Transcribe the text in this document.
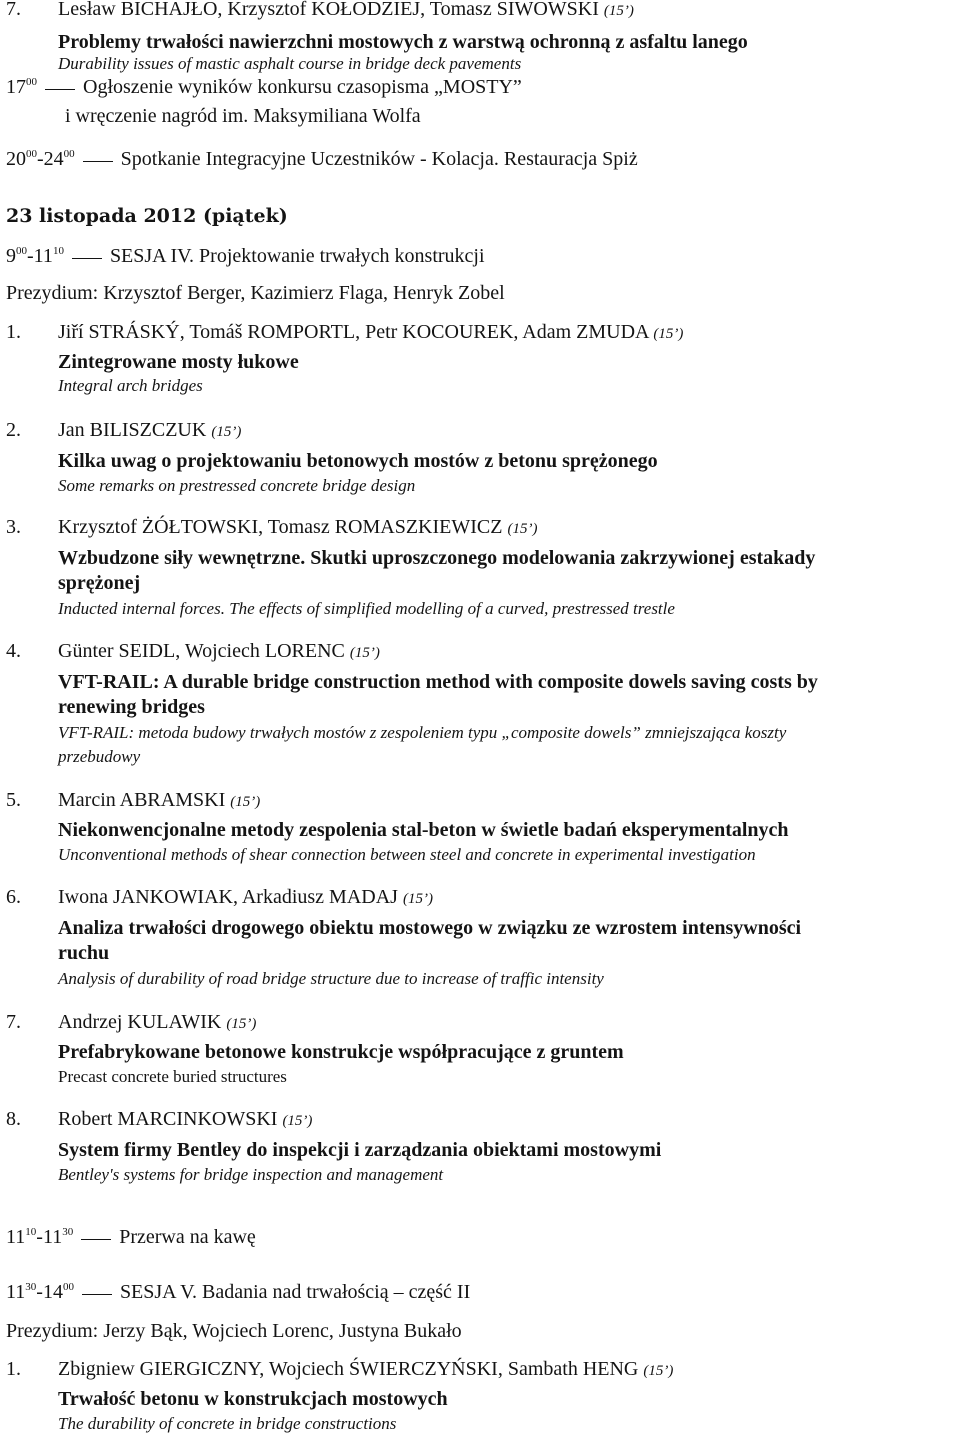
7. Lesław BICHAJŁO, Krzysztof KOŁODZIEJ, Tomasz SIWOWSKI (15’)
Problemy trwałości nawierzchni mostowych z warstwą ochronną z asfaltu lanego
Durability issues of mastic asphalt course in bridge deck pavements
$17^{00}$ Ogłoszenie wyników konkursu czasopisma „MOSTY”
i wręczenie nagród im. Maksymiliana Wolfa
$20^{00}-24^{00}$ Spotkanie Integracyjne Uczestników - Kolacja. Restauracja Spiż
23 listopada 2012 (piątek)
$9^{00}-11^{10}$ SESJA IV. Projektowanie trwałych konstrukcji
Prezydium: Krzysztof Berger, Kazimierz Flaga, Henryk Zobel
1. Jiří STRÁSKÝ, Tomáš ROMPORTL, Petr KOCOUREK, Adam ZMUDA (15’)
Zintegrowane mosty łukowe
Integral arch bridges
2. Jan BILISZCZUK (15’)
Kilka uwag o projektowaniu betonowych mostów z betonu sprężonego
Some remarks on prestressed concrete bridge design
3. Krzysztof ŻÓŁTOWSKI, Tomasz ROMASZKIEWICZ (15’)
Wzbudzone siły wewnętrzne. Skutki uproszczonego modelowania zakrzywionej estakady
sprężonej
Inducted internal forces. The effects of simplified modelling of a curved, prestressed trestle
4. Günter SEIDL, Wojciech LORENC (15’)
VFT-RAIL: A durable bridge construction method with composite dowels saving costs by
renewing bridges
VFT-RAIL: metoda budowy trwałych mostów z zespoleniem typu „composite dowels” zmniejszająca koszty
przebudowy
5. Marcin ABRAMSKI (15’)
Niekonwencjonalne metody zespolenia stal-beton w świetle badań eksperymentalnych
Unconventional methods of shear connection between steel and concrete in experimental investigation
6. Iwona JANKOWIAK, Arkadiusz MADAJ (15’)
Analiza trwałości drogowego obiektu mostowego w związku ze wzrostem intensywności
ruchu
Analysis of durability of road bridge structure due to increase of traffic intensity
7. Andrzej KULAWIK (15’)
Prefabrykowane betonowe konstrukcje współpracujące z gruntem
Precast concrete buried structures
8. Robert MARCINKOWSKI (15’)
System firmy Bentley do inspekcji i zarządzania obiektami mostowymi
Bentley's systems for bridge inspection and management
$11^{10}-11^{30}$ Przerwa na kawę
$11^{30}-14^{00}$ SESJA V. Badania nad trwałością – część II
Prezydium: Jerzy Bąk, Wojciech Lorenc, Justyna Bukało
1. Zbigniew GIERGICZNY, Wojciech ŚWIERCZYŃSKI, Sambath HENG (15’)
Trwałość betonu w konstrukcjach mostowych
The durability of concrete in bridge constructions
